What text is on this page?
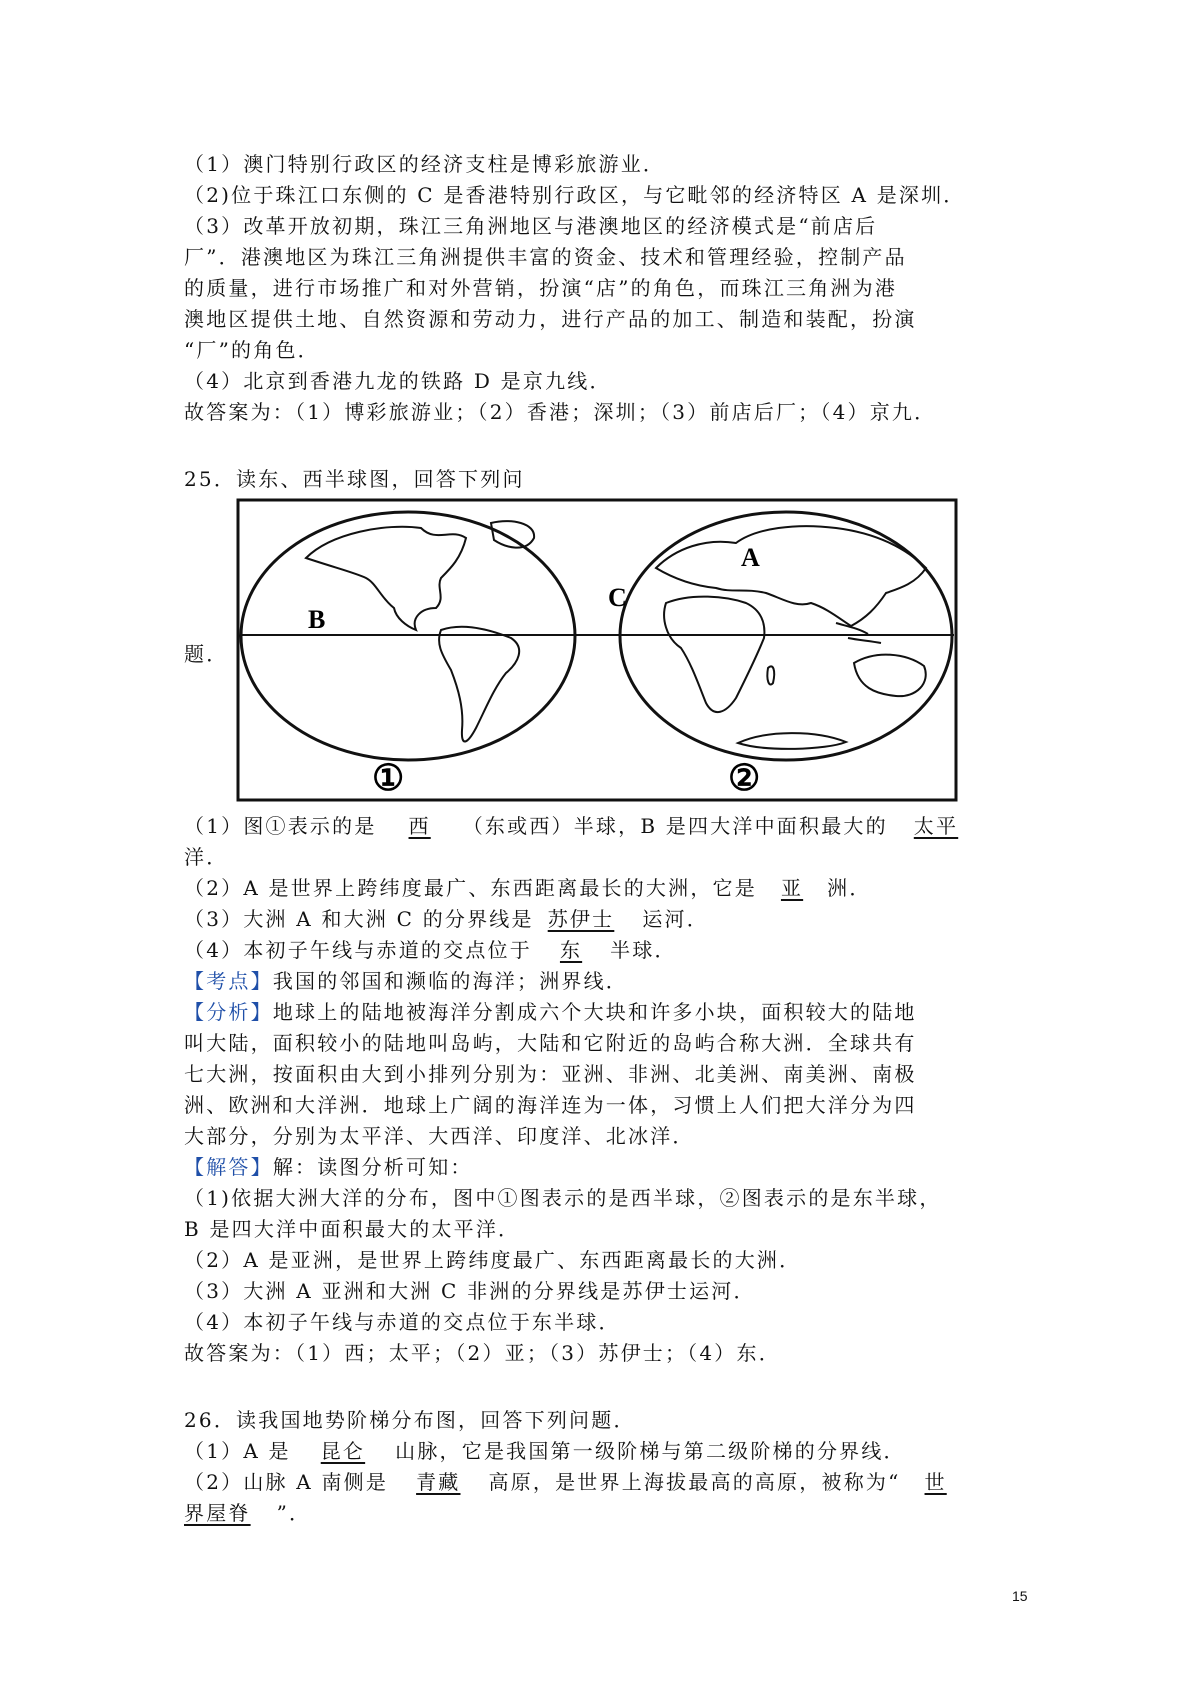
（1）澳门特别行政区的经济支柱是博彩旅游业．
（2)位于珠江口东侧的 C 是香港特别行政区，与它毗邻的经济特区 A 是深圳．
（3）改革开放初期，珠江三角洲地区与港澳地区的经济模式是“前店后
厂”．港澳地区为珠江三角洲提供丰富的资金、技术和管理经验，控制产品
的质量，进行市场推广和对外营销，扮演“店”的角色，而珠江三角洲为港
澳地区提供土地、自然资源和劳动力，进行产品的加工、制造和装配，扮演
“厂”的角色．
（4）北京到香港九龙的铁路 D 是京九线．
故答案为：（1）博彩旅游业；（2）香港；深圳；（3）前店后厂；（4）京九．
25．读东、西半球图，回答下列问
题．
B
A
C
①	②
（1）图①表示的是 西 （东或西）半球，B 是四大洋中面积最大的 太平
洋．
（2）A 是世界上跨纬度最广、东西距离最长的大洲，它是 亚 洲．
（3）大洲 A 和大洲 C 的分界线是 苏伊士 运河．
（4）本初子午线与赤道的交点位于 东 半球．
【考点】我国的邻国和濒临的海洋；洲界线．
【分析】地球上的陆地被海洋分割成六个大块和许多小块，面积较大的陆地
叫大陆，面积较小的陆地叫岛屿，大陆和它附近的岛屿合称大洲．全球共有
七大洲，按面积由大到小排列分别为：亚洲、非洲、北美洲、南美洲、南极
洲、欧洲和大洋洲．地球上广阔的海洋连为一体，习惯上人们把大洋分为四
大部分，分别为太平洋、大西洋、印度洋、北冰洋．
【解答】解：读图分析可知：
（1)依据大洲大洋的分布，图中①图表示的是西半球，②图表示的是东半球，
B 是四大洋中面积最大的太平洋．
（2）A 是亚洲，是世界上跨纬度最广、东西距离最长的大洲．
（3）大洲 A 亚洲和大洲 C 非洲的分界线是苏伊士运河．
（4）本初子午线与赤道的交点位于东半球．
故答案为：（1）西；太平；（2）亚；（3）苏伊士；（4）东．
26．读我国地势阶梯分布图，回答下列问题．
（1）A 是 昆仑 山脉，它是我国第一级阶梯与第二级阶梯的分界线．
（2）山脉 A 南侧是 青藏 高原，是世界上海拔最高的高原，被称为“ 世
界屋脊 ”．
15
